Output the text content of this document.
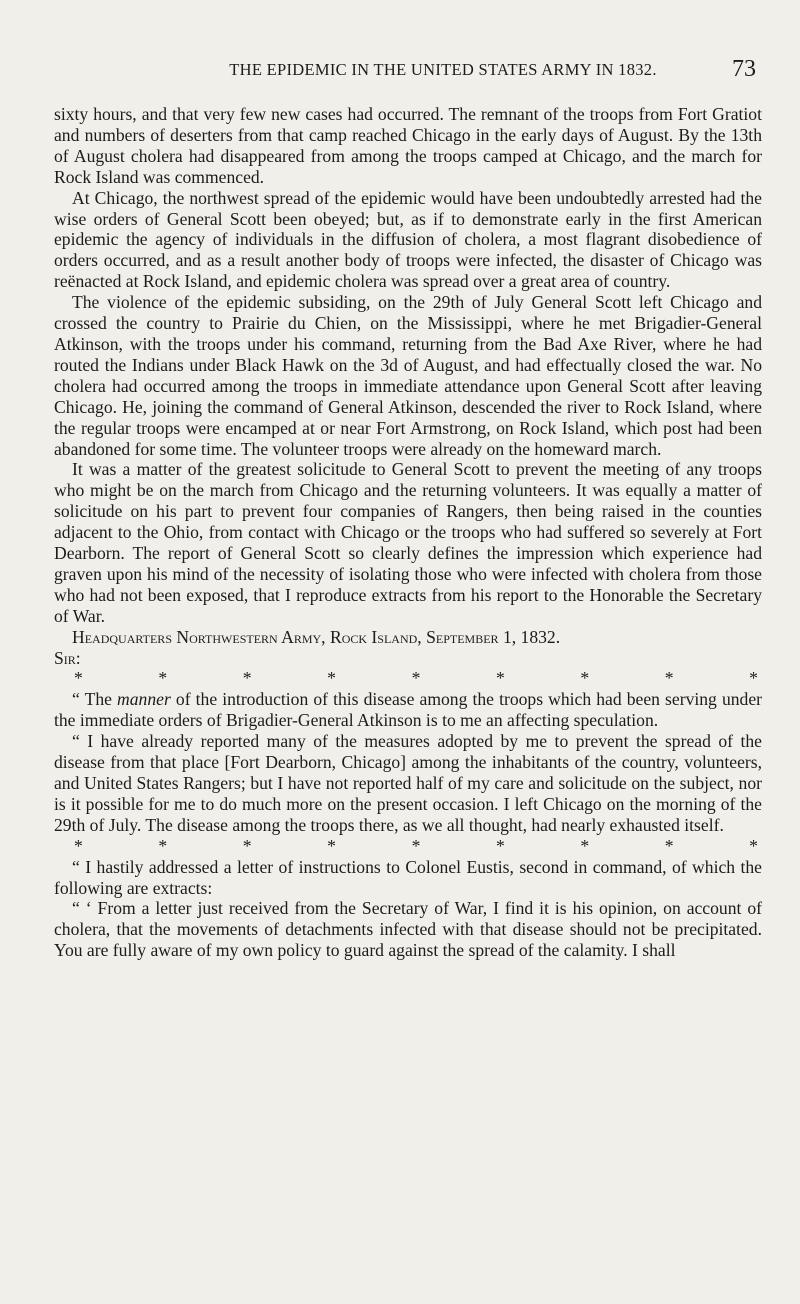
THE EPIDEMIC IN THE UNITED STATES ARMY IN 1832.	73

sixty hours, and that very few new cases had occurred. The remnant of the troops from Fort Gratiot and numbers of deserters from that camp reached Chicago in the early days of August. By the 13th of August cholera had disappeared from among the troops camped at Chicago, and the march for Rock Island was commenced.

At Chicago, the northwest spread of the epidemic would have been undoubtedly arrested had the wise orders of General Scott been obeyed; but, as if to demonstrate early in the first American epidemic the agency of individuals in the diffusion of cholera, a most flagrant disobedience of orders occurred, and as a result another body of troops were infected, the disaster of Chicago was reënacted at Rock Island, and epidemic cholera was spread over a great area of country.

The violence of the epidemic subsiding, on the 29th of July General Scott left Chicago and crossed the country to Prairie du Chien, on the Mississippi, where he met Brigadier-General Atkinson, with the troops under his command, returning from the Bad Axe River, where he had routed the Indians under Black Hawk on the 3d of August, and had effectually closed the war. No cholera had occurred among the troops in immediate attendance upon General Scott after leaving Chicago. He, joining the command of General Atkinson, descended the river to Rock Island, where the regular troops were encamped at or near Fort Armstrong, on Rock Island, which post had been abandoned for some time. The volunteer troops were already on the homeward march.

It was a matter of the greatest solicitude to General Scott to prevent the meeting of any troops who might be on the march from Chicago and the returning volunteers. It was equally a matter of solicitude on his part to prevent four companies of Rangers, then being raised in the counties adjacent to the Ohio, from contact with Chicago or the troops who had suffered so severely at Fort Dearborn. The report of General Scott so clearly defines the impression which experience had graven upon his mind of the necessity of isolating those who were infected with cholera from those who had not been exposed, that I reproduce extracts from his report to the Honorable the Secretary of War.

Headquarters Northwestern Army, Rock Island, September 1, 1832.

Sir:

*	*	*	*	*	*	*	*	*

“ The manner of the introduction of this disease among the troops which had been serving under the immediate orders of Brigadier-General Atkinson is to me an affecting speculation.

“ I have already reported many of the measures adopted by me to prevent the spread of the disease from that place [Fort Dearborn, Chicago] among the inhabitants of the country, volunteers, and United States Rangers; but I have not reported half of my care and solicitude on the subject, nor is it possible for me to do much more on the present occasion. I left Chicago on the morning of the 29th of July. The disease among the troops there, as we all thought, had nearly exhausted itself.

*	*	*	*	*	*	*	*	*

“ I hastily addressed a letter of instructions to Colonel Eustis, second in command, of which the following are extracts:

“ ‘ From a letter just received from the Secretary of War, I find it is his opinion, on account of cholera, that the movements of detachments infected with that disease should not be precipitated. You are fully aware of my own policy to guard against the spread of the calamity. I shall
